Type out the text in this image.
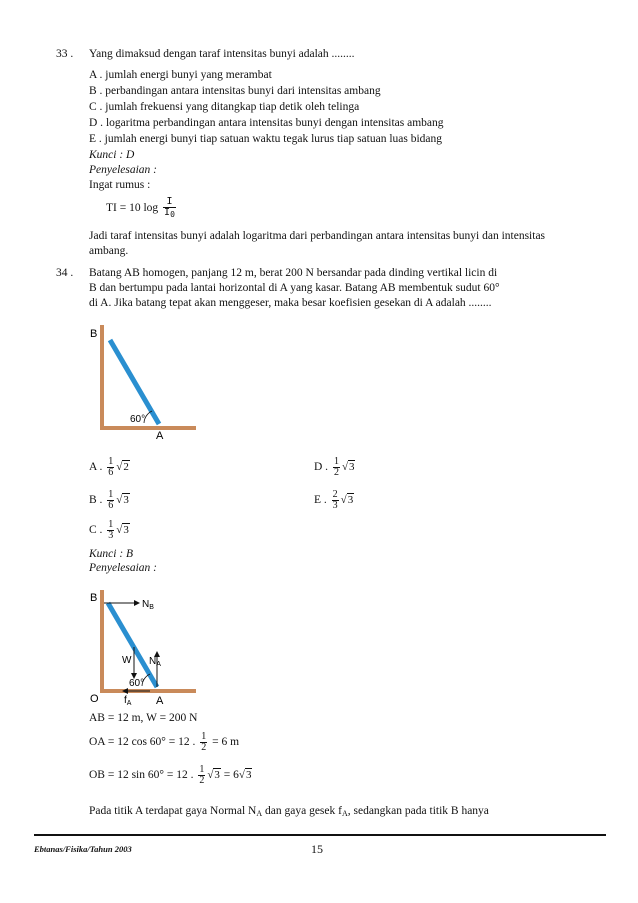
33 . Yang dimaksud dengan taraf intensitas bunyi adalah ........
A . jumlah energi bunyi yang merambat
B . perbandingan antara intensitas bunyi dari intensitas ambang
C . jumlah frekuensi yang ditangkap tiap detik oleh telinga
D . logaritma perbandingan antara intensitas bunyi dengan intensitas ambang
E . jumlah energi bunyi tiap satuan waktu tegak lurus tiap satuan luas bidang
Kunci : D
Penyelesaian :
Ingat rumus :
TI = 10 $\log \frac{I}{I_0}$
Jadi taraf intensitas bunyi adalah logaritma dari perbandingan antara intensitas bunyi dan intensitas
ambang.
34 . Batang AB homogen, panjang 12 m, berat 200 N bersandar pada dinding vertikal licin di
B dan bertumpu pada lantai horizontal di A yang kasar. Batang AB membentuk sudut 60°
di A. Jika batang tepat akan menggeser, maka besar koefisien gesekan di A adalah ........
B
A
60°
A . $\frac{1}{6} √2$
B . $\frac{1}{6} √3$
C . $\frac{1}{3} √3$
D . $\frac{1}{2} √3$
E . $\frac{2}{3} √3$
Kunci : B
Penyelesaian :
B
$N_B$
W $N_A$
60°
O	$f_A$ A
AB = 12 m, W = 200 N
OA = 12 cos 60° = 12 . $\frac{1}{2} = 6$ m
OB = 12 sin 60° = 12 . $\frac{1}{2} √3 = 6√3$
Pada titik A terdapat gaya Normal $N_A$ dan gaya gesek $f_A$, sedangkan pada titik B hanya
Ebtanas/Fisika/Tahun 2003	15
